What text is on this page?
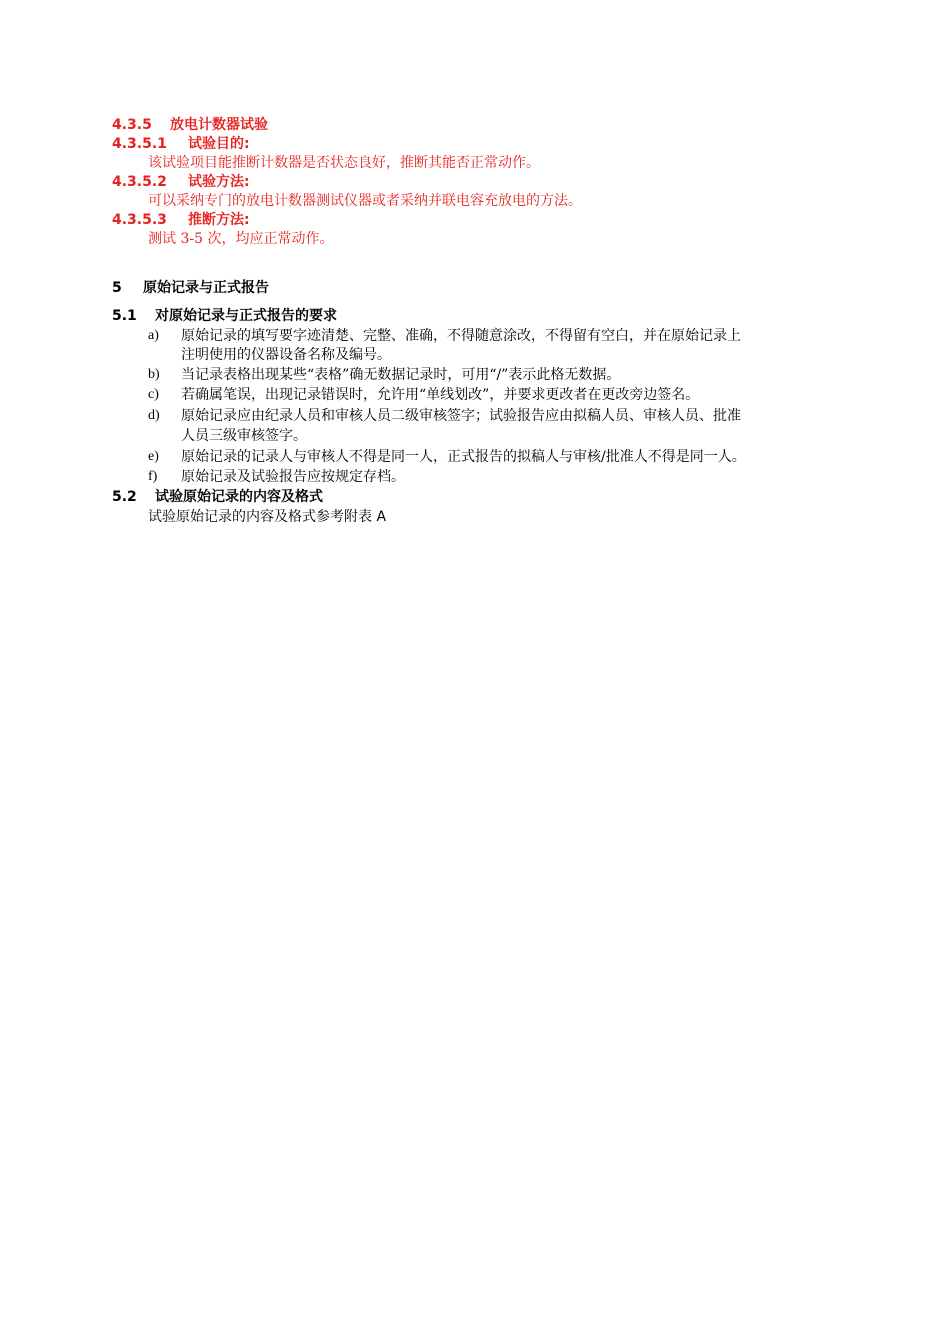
4.3.5 放电计数器试验
4.3.5.1 试验目的:
该试验项目能推断计数器是否状态良好，推断其能否正常动作。
4.3.5.2 试验方法:
可以采纳专门的放电计数器测试仪器或者采纳并联电容充放电的方法。
4.3.5.3 推断方法:
测试 3-5 次，均应正常动作。
5 原始记录与正式报告
5.1 对原始记录与正式报告的要求
a) 原始记录的填写要字迹清楚、完整、准确，不得随意涂改，不得留有空白，并在原始记录上
注明使用的仪器设备名称及编号。
b) 当记录表格出现某些“表格”确无数据记录时，可用“/”表示此格无数据。
c) 若确属笔误，出现记录错误时，允许用“单线划改”，并要求更改者在更改旁边签名。
d) 原始记录应由纪录人员和审核人员二级审核签字；试验报告应由拟稿人员、审核人员、批准
人员三级审核签字。
e) 原始记录的记录人与审核人不得是同一人，正式报告的拟稿人与审核/批准人不得是同一人。
f) 原始记录及试验报告应按规定存档。
5.2 试验原始记录的内容及格式
试验原始记录的内容及格式参考附表 A
